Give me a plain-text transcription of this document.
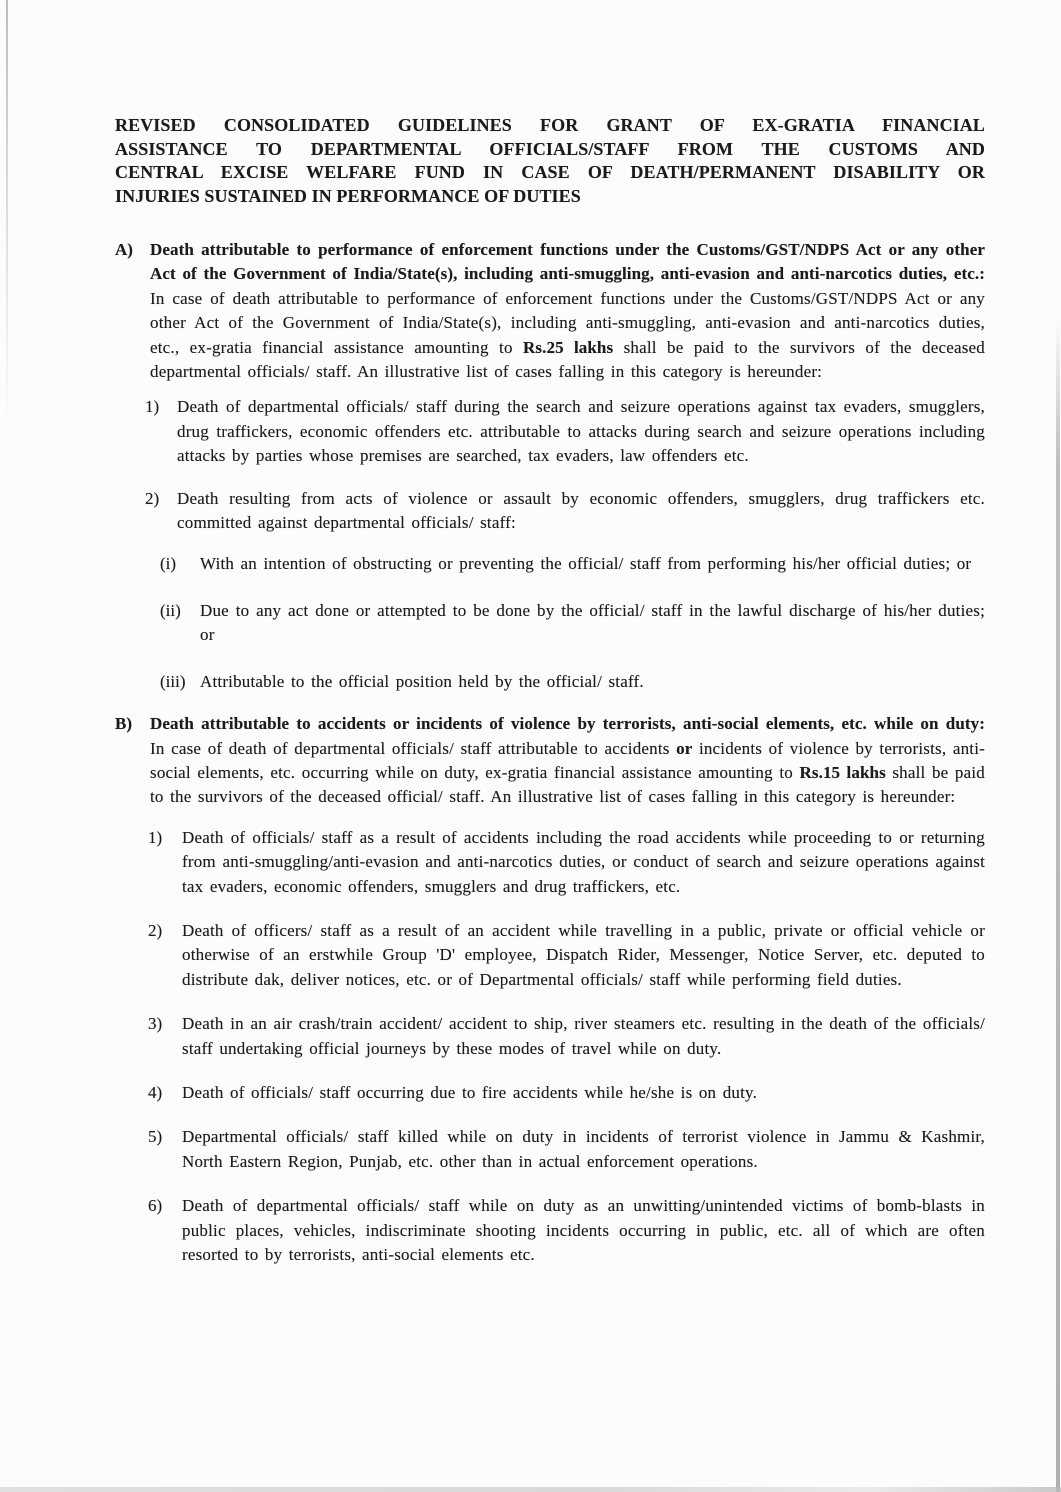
REVISED CONSOLIDATED GUIDELINES FOR GRANT OF EX-GRATIA FINANCIAL
ASSISTANCE TO DEPARTMENTAL OFFICIALS/STAFF FROM THE CUSTOMS AND
CENTRAL EXCISE WELFARE FUND IN CASE OF DEATH/PERMANENT DISABILITY OR
INJURIES SUSTAINED IN PERFORMANCE OF DUTIES
A)	Death attributable to performance of enforcement functions under the Customs/GST/NDPS Act or any other Act of the Government of India/State(s), including anti-smuggling, anti-evasion and anti-narcotics duties, etc.: In case of death attributable to performance of enforcement functions under the Customs/GST/NDPS Act or any other Act of the Government of India/State(s), including anti-smuggling, anti-evasion and anti-narcotics duties, etc., ex-gratia financial assistance amounting to Rs.25 lakhs shall be paid to the survivors of the deceased departmental officials/ staff. An illustrative list of cases falling in this category is hereunder:

1)	Death of departmental officials/ staff during the search and seizure operations against tax evaders, smugglers, drug traffickers, economic offenders etc. attributable to attacks during search and seizure operations including attacks by parties whose premises are searched, tax evaders, law offenders etc.

2)	Death resulting from acts of violence or assault by economic offenders, smugglers, drug traffickers etc. committed against departmental officials/ staff:

(i)	With an intention of obstructing or preventing the official/ staff from performing his/her official duties; or

(ii)	Due to any act done or attempted to be done by the official/ staff in the lawful discharge of his/her duties; or

(iii) Attributable to the official position held by the official/ staff.

B)	Death attributable to accidents or incidents of violence by terrorists, anti-social elements, etc. while on duty: In case of death of departmental officials/ staff attributable to accidents or incidents of violence by terrorists, anti-social elements, etc. occurring while on duty, ex-gratia financial assistance amounting to Rs.15 lakhs shall be paid to the survivors of the deceased official/ staff. An illustrative list of cases falling in this category is hereunder:

1)	Death of officials/ staff as a result of accidents including the road accidents while proceeding to or returning from anti-smuggling/anti-evasion and anti-narcotics duties, or conduct of search and seizure operations against tax evaders, economic offenders, smugglers and drug traffickers, etc.

2)	Death of officers/ staff as a result of an accident while travelling in a public, private or official vehicle or otherwise of an erstwhile Group 'D' employee, Dispatch Rider, Messenger, Notice Server, etc. deputed to distribute dak, deliver notices, etc. or of Departmental officials/ staff while performing field duties.

3)	Death in an air crash/train accident/ accident to ship, river steamers etc. resulting in the death of the officials/ staff undertaking official journeys by these modes of travel while on duty.

4)	Death of officials/ staff occurring due to fire accidents while he/she is on duty.

5)	Departmental officials/ staff killed while on duty in incidents of terrorist violence in Jammu & Kashmir, North Eastern Region, Punjab, etc. other than in actual enforcement operations.

6)	Death of departmental officials/ staff while on duty as an unwitting/unintended victims of bomb-blasts in public places, vehicles, indiscriminate shooting incidents occurring in public, etc. all of which are often resorted to by terrorists, anti-social elements etc.
